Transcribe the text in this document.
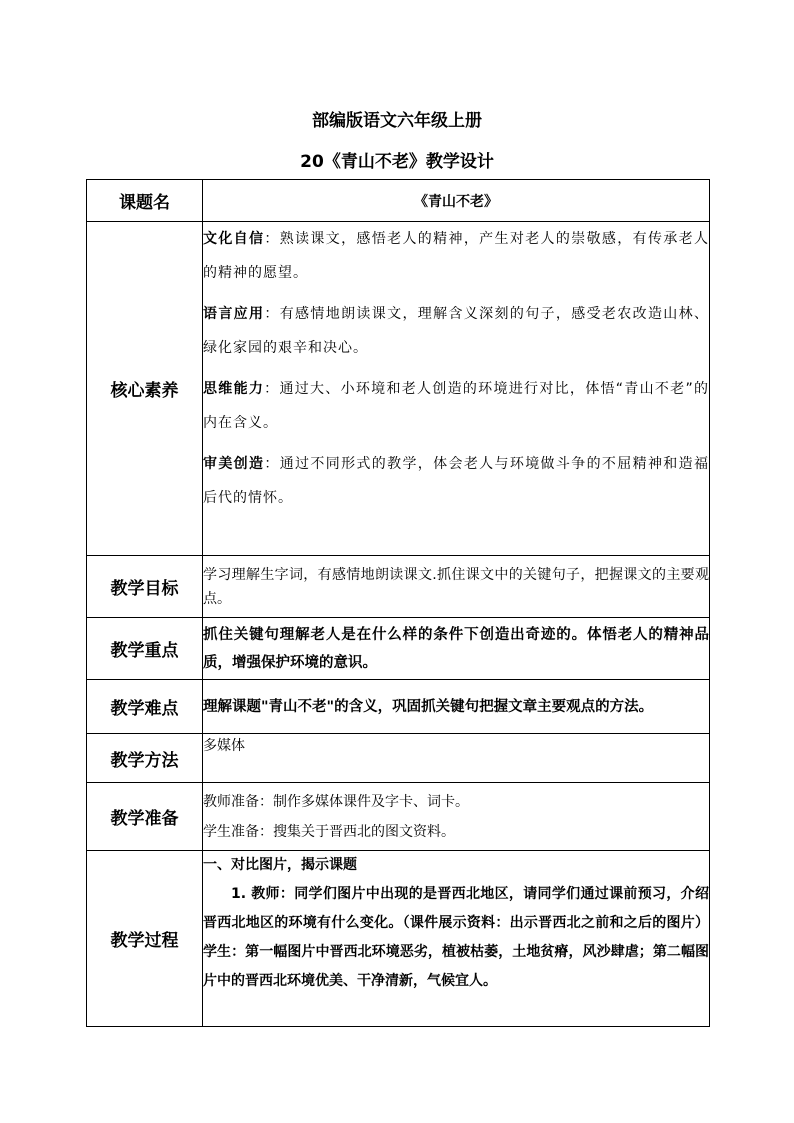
部编版语文六年级上册
20《青山不老》教学设计
课题名	《青山不老》
核心素养	文化自信：熟读课文，感悟老人的精神，产生对老人的崇敬感，有传承老人的精神的愿望。

语言应用：有感情地朗读课文，理解含义深刻的句子，感受老农改造山林、绿化家园的艰辛和决心。

思维能力：通过大、小环境和老人创造的环境进行对比，体悟“青山不老”的内在含义。

审美创造：通过不同形式的教学，体会老人与环境做斗争的不屈精神和造福后代的情怀。

教学目标	学习理解生字词，有感情地朗读课文.抓住课文中的关键句子，把握课文的主要观点。
教学重点	抓住关键句理解老人是在什么样的条件下创造出奇迹的。体悟老人的精神品质，增强保护环境的意识。
教学难点	理解课题"青山不老"的含义，巩固抓关键句把握文章主要观点的方法。
教学方法	多媒体
教学准备	教师准备：制作多媒体课件及字卡、词卡。
学生准备：搜集关于晋西北的图文资料。

教学过程	一、对比图片，揭示课题

1. 教师：同学们图片中出现的是晋西北地区，请同学们通过课前预习，介绍晋西北地区的环境有什么变化。（课件展示资料：出示晋西北之前和之后的图片）学生：第一幅图片中晋西北环境恶劣，植被枯萎，土地贫瘠，风沙肆虐；第二幅图片中的晋西北环境优美、干净清新，气候宜人。
